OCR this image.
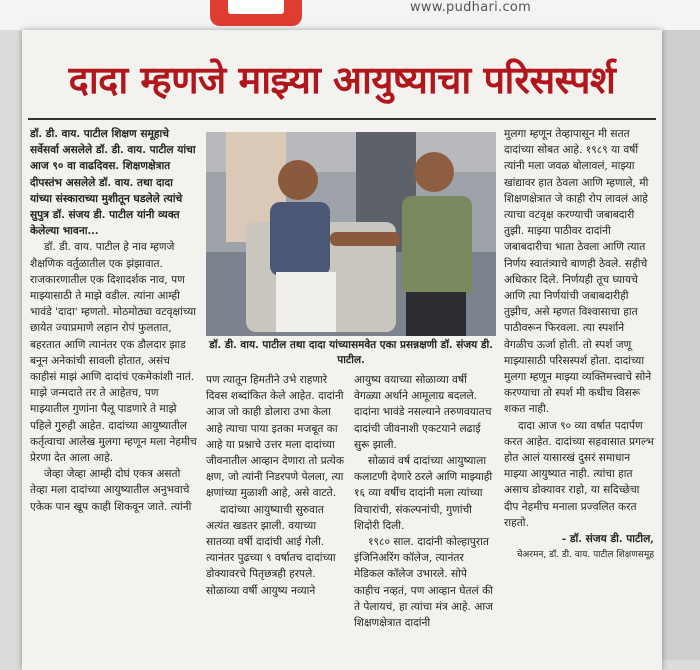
www.pudhari.com
दादा म्हणजे माझ्या आयुष्याचा परिसस्पर्श

डॉ. डी. वाय. पाटील शिक्षण समूहाचे सर्वेसर्वा असलेले डॉ. डी. वाय. पाटील यांचा आज ९० वा वाढदिवस. शिक्षणक्षेत्रात दीपस्तंभ असलेले डॉ. वाय. तथा दादा यांच्या संस्काराच्या मुशीतून घडलेले त्यांचे सुपुत्र डॉ. संजय डी. पाटील यांनी व्यक्त केलेल्या भावना...

डॉ. डी. वाय. पाटील हे नाव म्हणजे शैक्षणिक वर्तुळातील एक झंझावात. राजकारणातील एक दिशादर्शक नाव, पण माझ्यासाठी ते माझे वडील. त्यांना आम्ही भावंडे 'दादा' म्हणतो. मोठमोठ्या वटवृक्षांच्या छायेत ज्याप्रमाणे लहान रोपं फुलतात, बहरतात आणि त्यानंतर एक डौलदार झाड बनून अनेकांची सावली होतात, असंच काहीसं माझं आणि दादांचं एकमेकांशी नातं. माझे जन्मदाते तर ते आहेतच, पण माझ्यातील गुणांना पैलू पाडणारे ते माझे पहिले गुरुही आहेत. दादांच्या आयुष्यातील कर्तृत्वाचा आलेख मुलगा म्हणून मला नेहमीच प्रेरणा देत आला आहे.

जेव्हा जेव्हा आम्ही दोघं एकत्र असतो तेव्हा मला दादांच्या आयुष्यातील अनुभवाचे एकेक पान खूप काही शिकवून जाते. त्यांनी

डॉ. डी. वाय. पाटील तथा दादा यांच्यासमवेत एका प्रसन्नक्षणी डॉ. संजय डी. पाटील.

पण त्यातून हिमतीने उभे राहणारे दिवस शब्दांकित केले आहेत. दादांनी आज जो काही डोलारा उभा केला आहे त्याचा पाया इतका मजबूत का आहे या प्रश्नाचे उत्तर मला दादांच्या जीवनातील आव्हान देणारा तो प्रत्येक क्षण, जो त्यांनी निडरपणे पेलला, त्या क्षणांच्या मुळाशी आहे, असे वाटते.

दादांच्या आयुष्याची सुरुवात अत्यंत खडतर झाली. वयाच्या सातव्या वर्षी दादांची आई गेली. त्यानंतर पुढच्या ९ वर्षातच दादांच्या डोक्यावरचे पितृछत्रही हरपले. सोळाव्या वर्षी आयुष्य नव्याने

आयुष्य वयाच्या सोळाव्या वर्षी वेगळ्या अर्थाने आमूलाग्र बदलले. दादांना भावंडे नसल्याने तरुणवयातच दादांची जीवनाशी एकटयाने लढाई सुरू झाली.

सोळावं वर्ष दादांच्या आयुष्याला कलाटणी देणारे ठरले आणि माझ्याही १६ व्या वर्षीच दादांनी मला त्यांच्या विचारांची, संकल्पनांची, गुणांची शिदोरी दिली.

१९८० साल. दादांनी कोल्हापुरात इंजिनिअरिंग कॉलेज, त्यानंतर मेडिकल कॉलेज उभारले. सोपे काहीच नव्हतं, पण आव्हान घेतलं की ते पेलायचं, हा त्यांचा मंत्र आहे. आज शिक्षणक्षेत्रात दादांनी

मुलगा म्हणून तेव्हापासून मी सतत दादांच्या सोबत आहे. १९८९ या वर्षी त्यांनी मला जवळ बोलावलं, माझ्या खांद्यावर हात ठेवला आणि म्हणाले, मी शिक्षणक्षेत्रात जे काही रोप लावलं आहे त्याचा वटवृक्ष करण्याची जबाबदारी तुझी. माझ्या पाठीवर दादांनी जबाबदारीचा भाता ठेवला आणि त्यात निर्णय स्वातंत्र्याचे बाणही ठेवले. सहीचे अधिकार दिले. निर्णयही तूच घ्यायचे आणि त्या निर्णयांची जबाबदारीही तुझीच, असे म्हणत विश्वासाचा हात पाठीवरून फिरवला. त्या स्पर्शाने वेगळीच ऊर्जा होती. तो स्पर्श जणू माझ्यासाठी परिसस्पर्श होता. दादांच्या मुलगा म्हणून माझ्या व्यक्तिमत्त्वाचे सोने करण्याचा तो स्पर्श मी कधीच विसरू शकत नाही.

दादा आज ९० व्या वर्षात पदार्पण करत आहेत. दादांच्या सहवासात प्रगल्भ होत आलं यासारखं दुसरं समाधान माझ्या आयुष्यात नाही. त्यांचा हात असाच डोक्यावर राहो, या सदिच्छेचा दीप नेहमीच मनाला प्रज्वलित करत राहतो.

- डॉ. संजय डी. पाटील,

चेअरमन, डॉ. डी. वाय. पाटील शिक्षणसमूह
